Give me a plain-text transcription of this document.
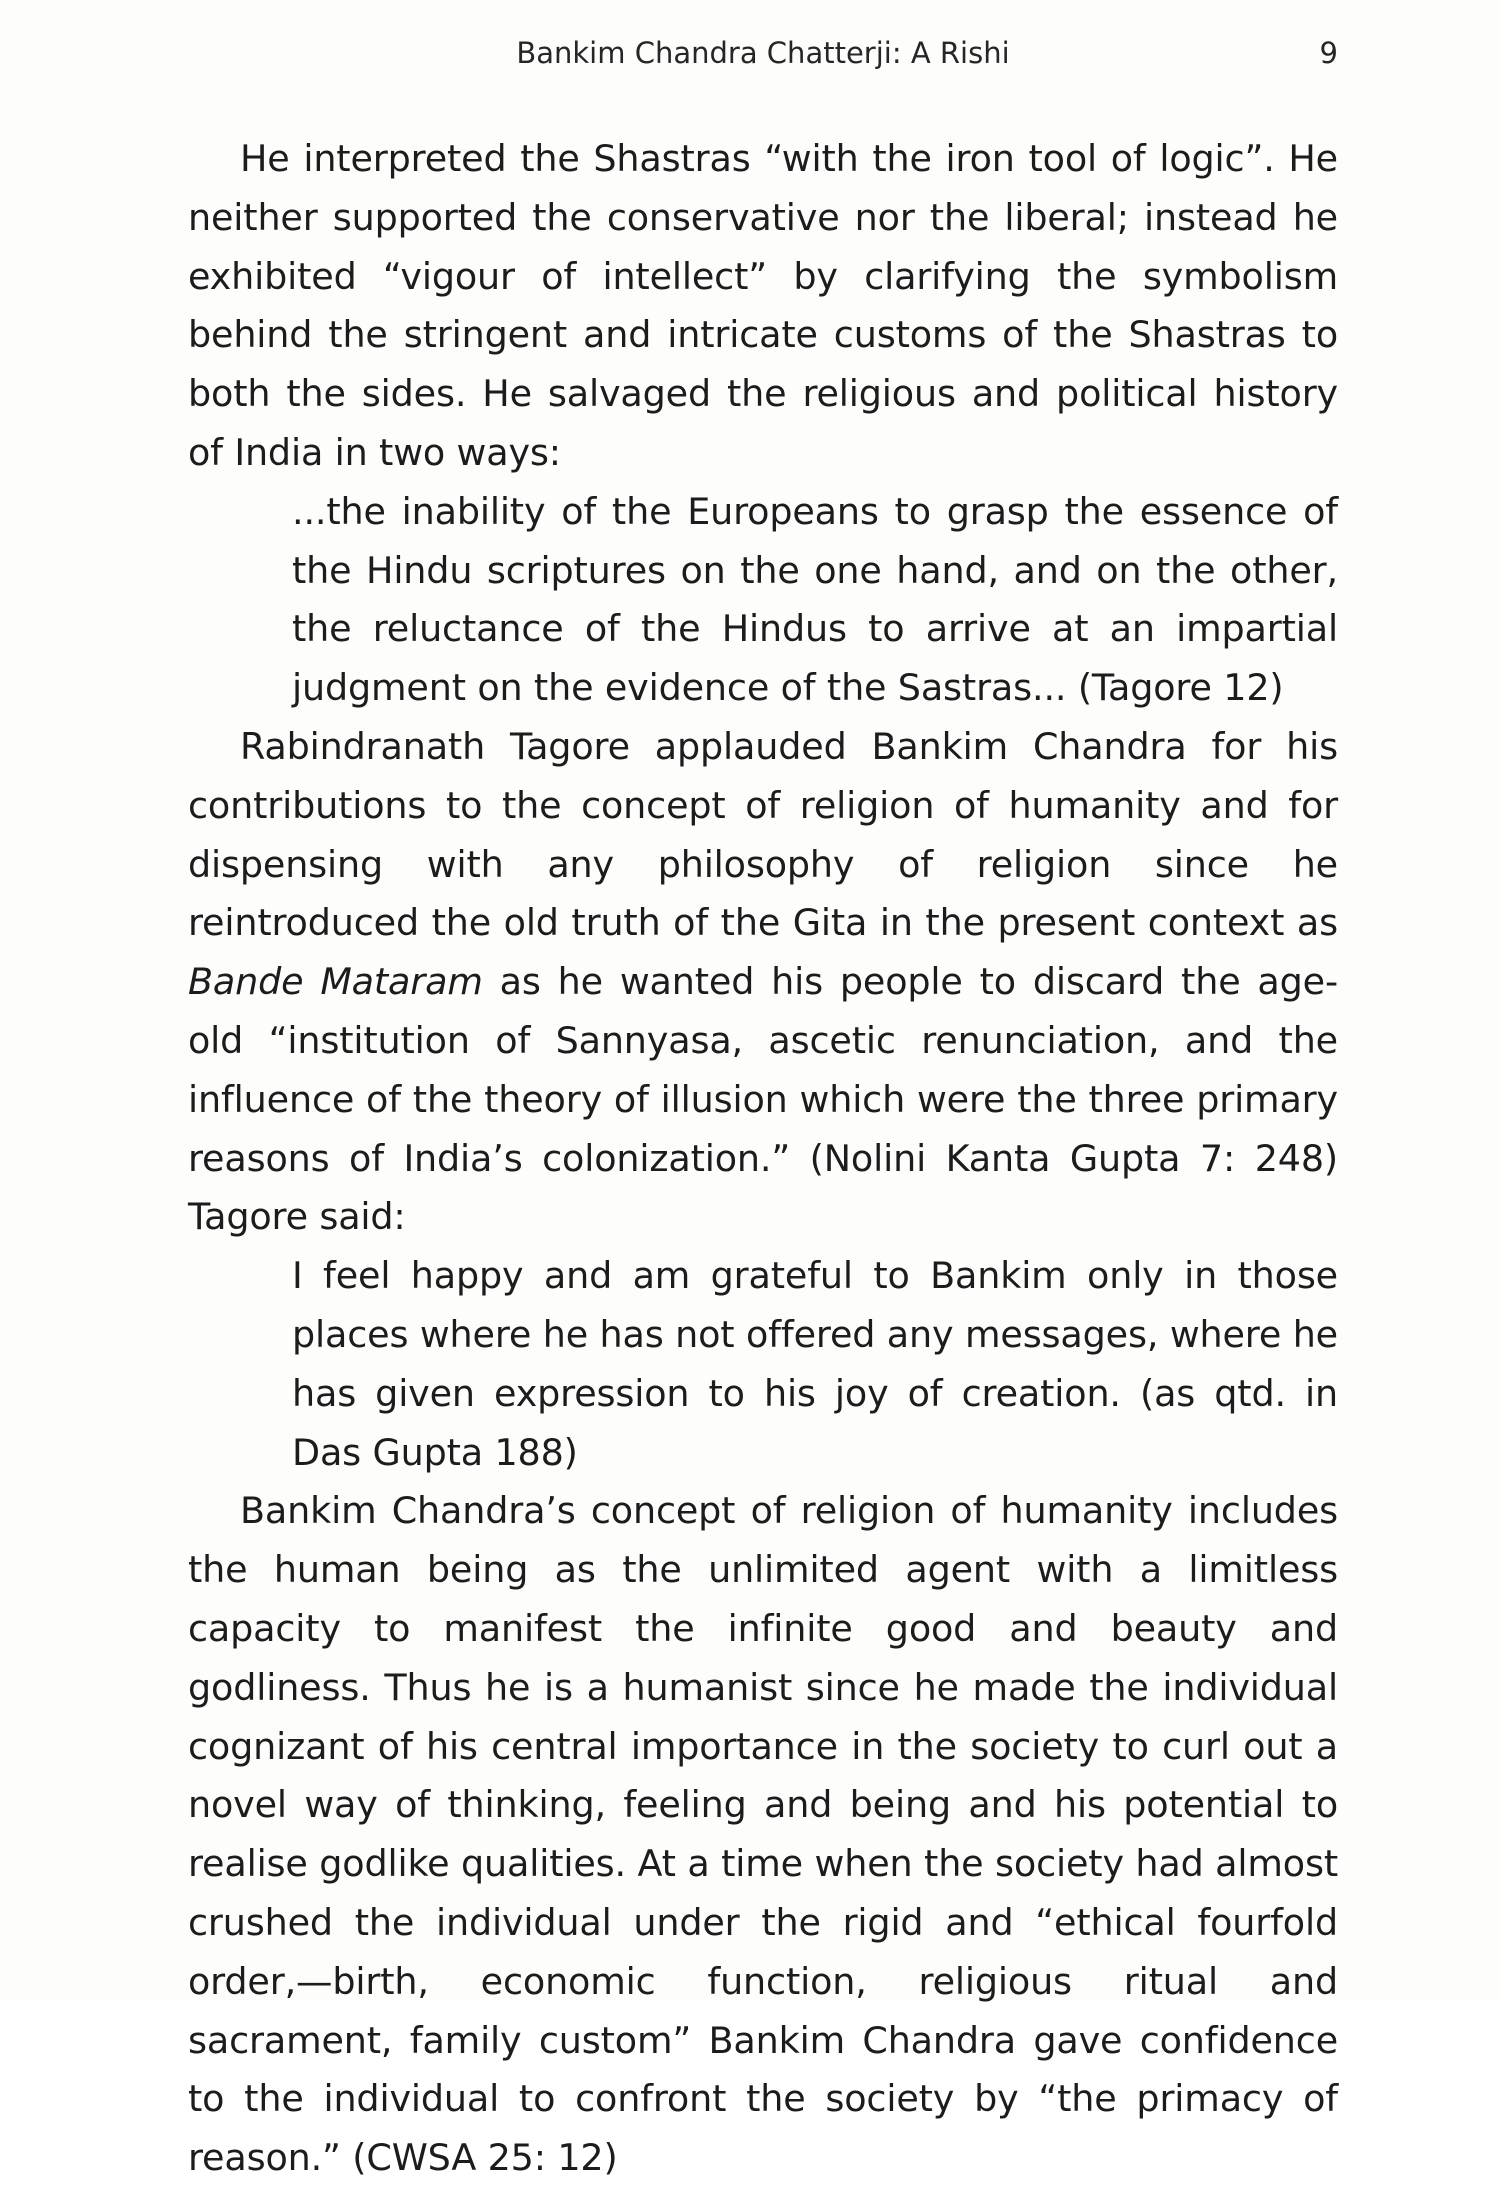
Bankim Chandra Chatterji: A Rishi	9

He interpreted the Shastras “with the iron tool of logic”. He neither supported the conservative nor the liberal; instead he exhibited “vigour of intellect” by clarifying the symbolism behind the stringent and intricate customs of the Shastras to both the sides. He salvaged the religious and political history of India in two ways:

...the inability of the Europeans to grasp the essence of the Hindu scriptures on the one hand, and on the other, the reluctance of the Hindus to arrive at an impartial judgment on the evidence of the Sastras... (Tagore 12)

Rabindranath Tagore applauded Bankim Chandra for his contributions to the concept of religion of humanity and for dispensing with any philosophy of religion since he reintroduced the old truth of the Gita in the present context as Bande Mataram as he wanted his people to discard the age-old “institution of Sannyasa, ascetic renunciation, and the influence of the theory of illusion which were the three primary reasons of India’s colonization.” (Nolini Kanta Gupta 7: 248) Tagore said:

I feel happy and am grateful to Bankim only in those places where he has not offered any messages, where he has given expression to his joy of creation. (as qtd. in Das Gupta 188)

Bankim Chandra’s concept of religion of humanity includes the human being as the unlimited agent with a limitless capacity to manifest the infinite good and beauty and godliness. Thus he is a humanist since he made the individual cognizant of his central importance in the society to curl out a novel way of thinking, feeling and being and his potential to realise godlike qualities. At a time when the society had almost crushed the individual under the rigid and “ethical fourfold order,—birth, economic function, religious ritual and sacrament, family custom” Bankim Chandra gave confidence to the individual to confront the society by “the primacy of reason.” (CWSA 25: 12)
